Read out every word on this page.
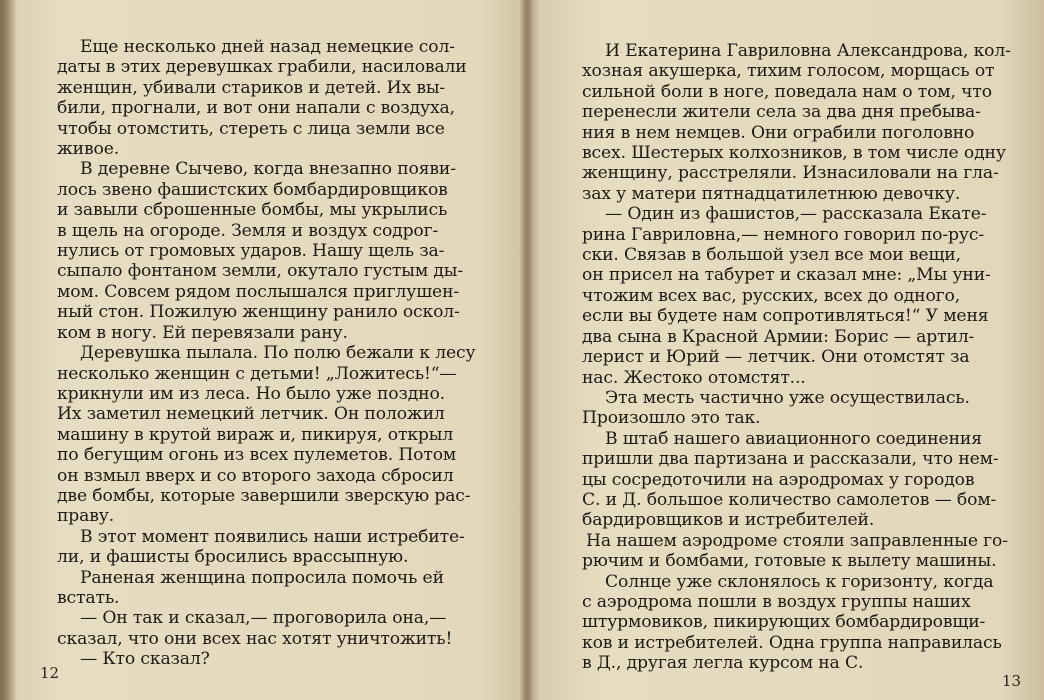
Еще несколько дней назад немецкие сол-
даты в этих деревушках грабили, насиловали
женщин, убивали стариков и детей. Их вы-
били, прогнали, и вот они напали с воздуха,
чтобы отомстить, стереть с лица земли все
живое.

В деревне Сычево, когда внезапно появи-
лось звено фашистских бомбардировщиков
и завыли сброшенные бомбы, мы укрылись
в щель на огороде. Земля и воздух содрог-
нулись от громовых ударов. Нашу щель за-
сыпало фонтаном земли, окутало густым ды-
мом. Совсем рядом послышался приглушен-
ный стон. Пожилую женщину ранило оскол-
ком в ногу. Ей перевязали рану.

Деревушка пылала. По полю бежали к лесу
несколько женщин с детьми! „Ложитесь!“—
крикнули им из леса. Но было уже поздно.
Их заметил немецкий летчик. Он положил
машину в крутой вираж и, пикируя, открыл
по бегущим огонь из всех пулеметов. Потом
он взмыл вверх и со второго захода сбросил
две бомбы, которые завершили зверскую рас-
праву.

В этот момент появились наши истребите-
ли, и фашисты бросились врассыпную.

Раненая женщина попросила помочь ей
встать.

— Он так и сказал,— проговорила она,—
сказал, что они всех нас хотят уничтожить!

— Кто сказал?

12

И Екатерина Гавриловна Александрова, кол-
хозная акушерка, тихим голосом, морщась от
сильной боли в ноге, поведала нам о том, что
перенесли жители села за два дня пребыва-
ния в нем немцев. Они ограбили поголовно
всех. Шестерых колхозников, в том числе одну
женщину, расстреляли. Изнасиловали на гла-
зах у матери пятнадцатилетнюю девочку.

— Один из фашистов,— рассказала Екате-
рина Гавриловна,— немного говорил по-рус-
ски. Связав в большой узел все мои вещи,
он присел на табурет и сказал мне: „Мы уни-
чтожим всех вас, русских, всех до одного,
если вы будете нам сопротивляться!“ У меня
два сына в Красной Армии: Борис — артил-
лерист и Юрий — летчик. Они отомстят за
нас. Жестоко отомстят...

Эта месть частично уже осуществилась.
Произошло это так.

В штаб нашего авиационного соединения
пришли два партизана и рассказали, что нем-
цы сосредоточили на аэродромах у городов
С. и Д. большое количество самолетов — бом-
бардировщиков и истребителей.

На нашем аэродроме стояли заправленные го-
рючим и бомбами, готовые к вылету машины.

Солнце уже склонялось к горизонту, когда
с аэродрома пошли в воздух группы наших
штурмовиков, пикирующих бомбардировщи-
ков и истребителей. Одна группа направилась
в Д., другая легла курсом на С.

13
